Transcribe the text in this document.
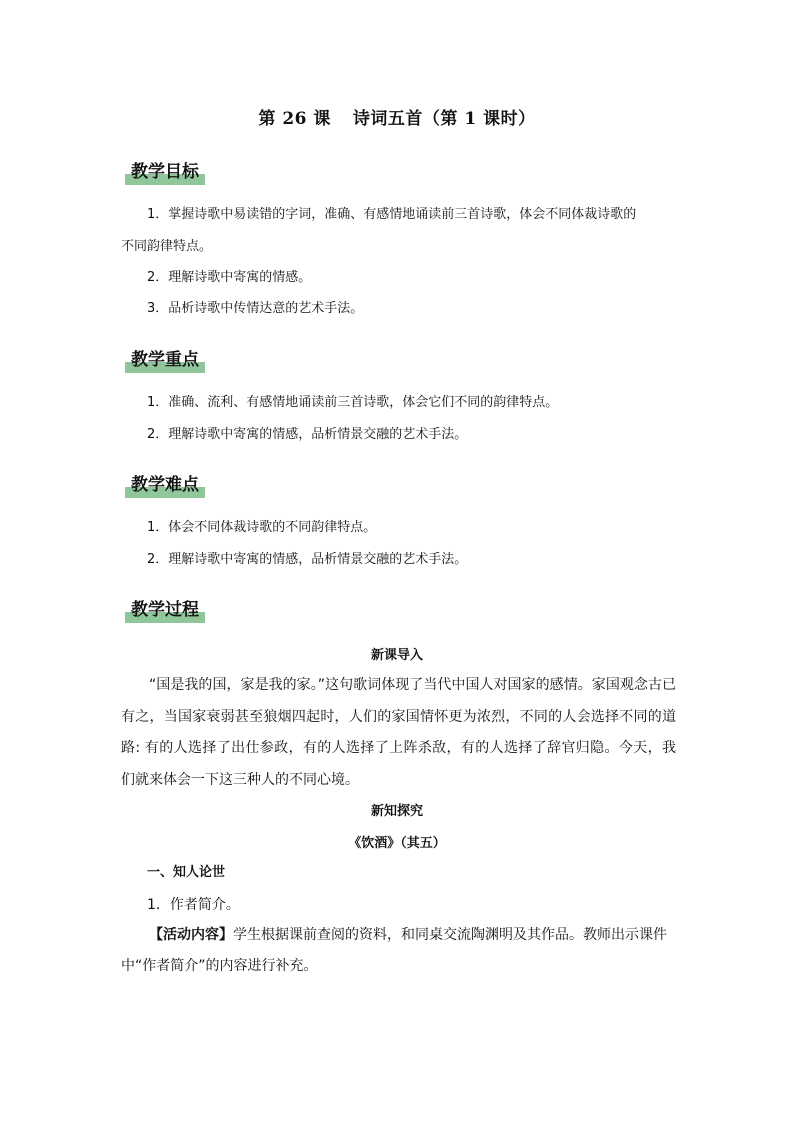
第 26 课 诗词五首（第 1 课时）
教学目标
1．掌握诗歌中易读错的字词，准确、有感情地诵读前三首诗歌，体会不同体裁诗歌的
不同韵律特点。
2．理解诗歌中寄寓的情感。
3．品析诗歌中传情达意的艺术手法。
教学重点
1．准确、流利、有感情地诵读前三首诗歌，体会它们不同的韵律特点。
2．理解诗歌中寄寓的情感，品析情景交融的艺术手法。
教学难点
1．体会不同体裁诗歌的不同韵律特点。
2．理解诗歌中寄寓的情感，品析情景交融的艺术手法。
教学过程
新课导入

“国是我的国，家是我的家。”这句歌词体现了当代中国人对国家的感情。家国观念古已有之，当国家衰弱甚至狼烟四起时，人们的家国情怀更为浓烈，不同的人会选择不同的道路: 有的人选择了出仕参政，有的人选择了上阵杀敌，有的人选择了辞官归隐。今天，我们就来体会一下这三种人的不同心境。

新知探究
《饮酒》（其五）
一、知人论世
1．作者简介。

【活动内容】学生根据课前查阅的资料，和同桌交流陶渊明及其作品。教师出示课件中“作者简介”的内容进行补充。
